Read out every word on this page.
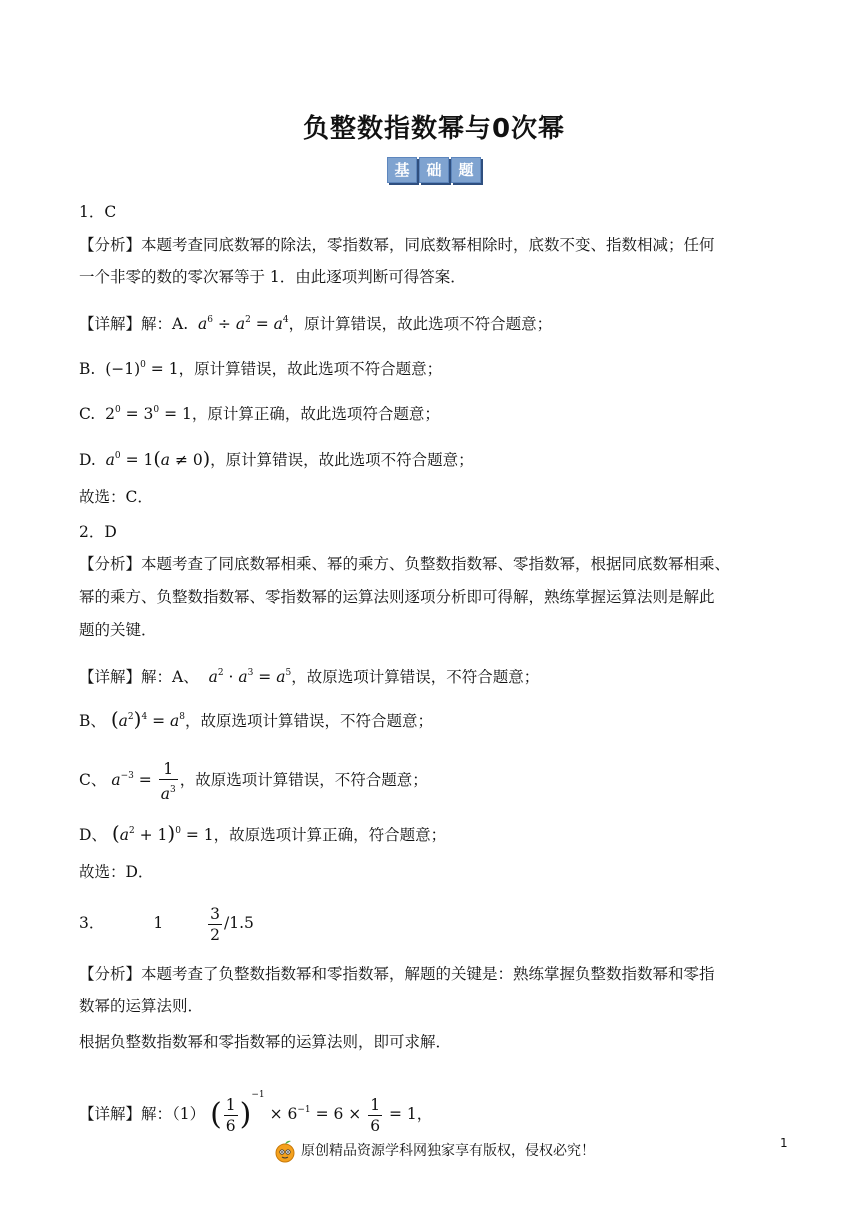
负整数指数幂与0次幂
基 础 题
1．C
【分析】本题考查同底数幂的除法，零指数幂，同底数幂相除时，底数不变、指数相减；任何
一个非零的数的零次幂等于 1．由此逐项判断可得答案．
【详解】解：A.  $a^6 \div a^2 = a^4$，原计算错误，故此选项不符合题意；
B.  $(-1)^0 = 1$，原计算错误，故此选项不符合题意；
C.  $2^0 = 3^0 = 1$，原计算正确，故此选项符合题意；
D.  $a^0 = 1(a \ne 0)$，原计算错误，故此选项不符合题意；
故选：C．
2．D
【分析】本题考查了同底数幂相乘、幂的乘方、负整数指数幂、零指数幂，根据同底数幂相乘、
幂的乘方、负整数指数幂、零指数幂的运算法则逐项分析即可得解，熟练掌握运算法则是解此
题的关键．
【详解】解：A、  $a^2 \cdot a^3 = a^5$，故原选项计算错误，不符合题意；
B、 $(a^2)^4 = a^8$，故原选项计算错误，不符合题意；
C、 $a^{-3} = \frac{1}{a^3}$ ，故原选项计算错误，不符合题意；
D、 $(a^2 + 1)^0 = 1$，故原选项计算正确，符合题意；
故选：D．
3．	1	$\frac{3}{2} /1.5$
【分析】本题考查了负整数指数幂和零指数幂，解题的关键是：熟练掌握负整数指数幂和零指
数幂的运算法则．
根据负整数指数幂和零指数幂的运算法则，即可求解．
【详解】解：（1） ( $\frac{1}{6} )^{-1} \times 6^{-1} = 6 \times \frac{1}{6} = 1$，
原创精品资源学科网独家享有版权，侵权必究！	1
